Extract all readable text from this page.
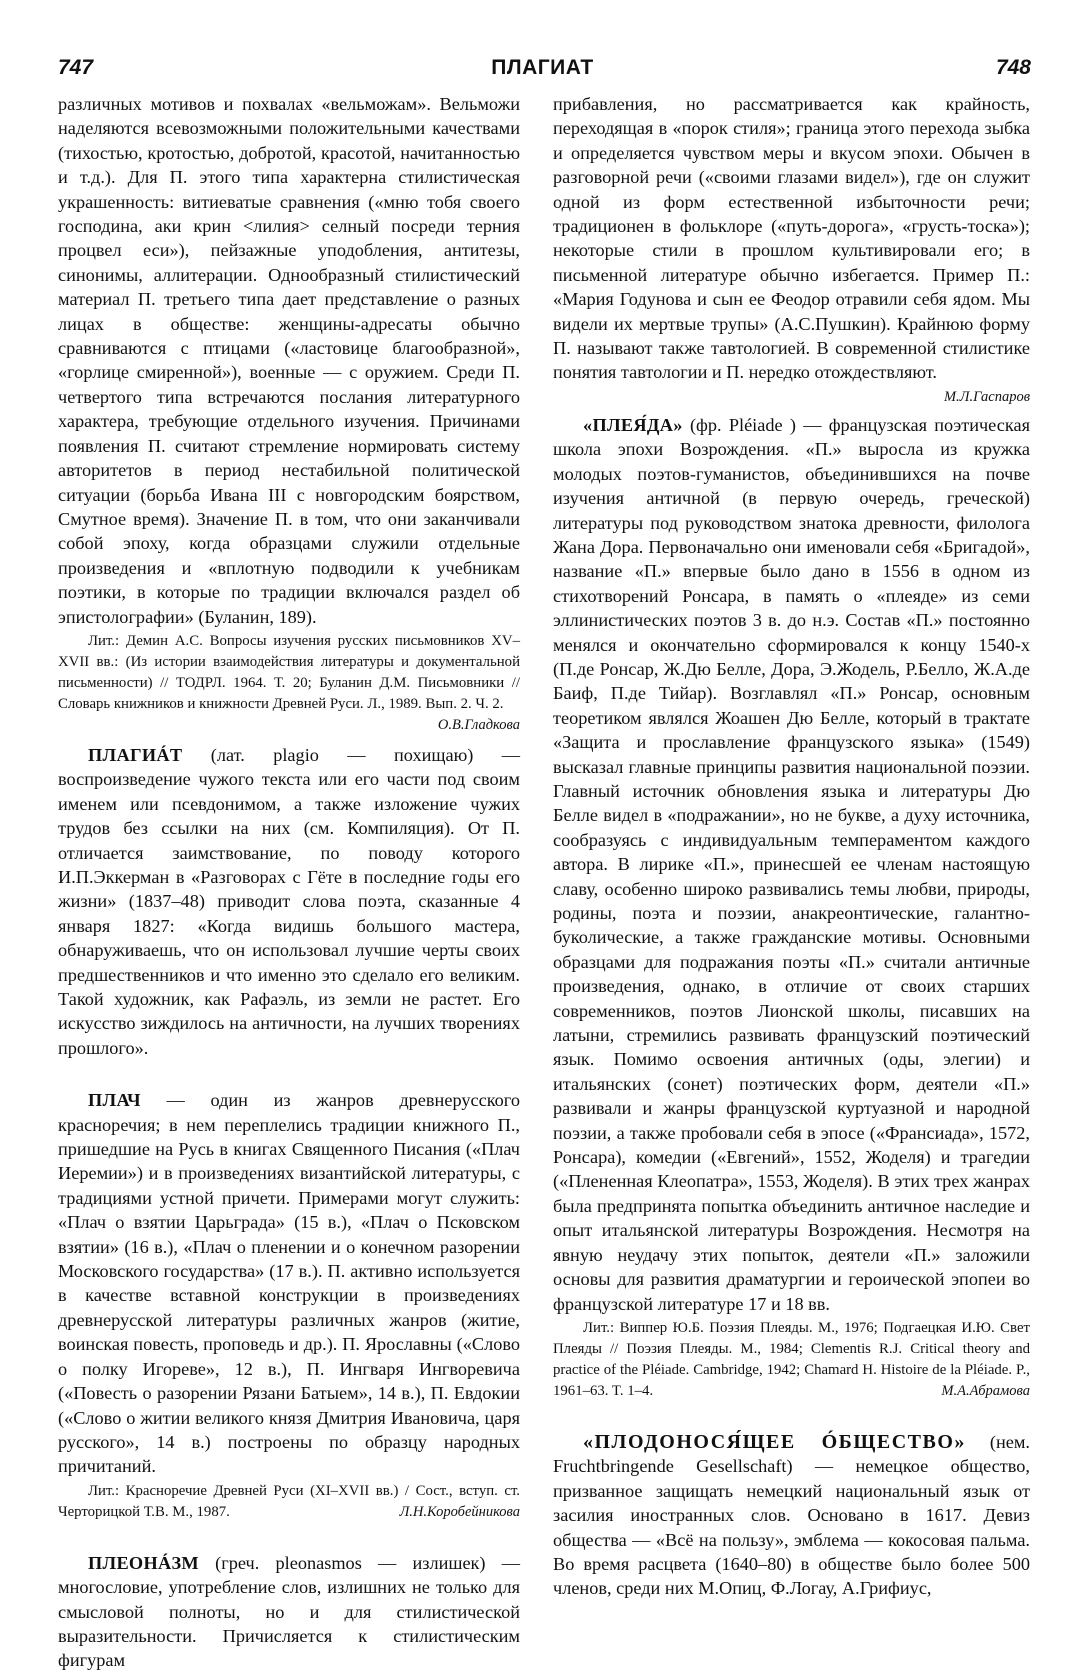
747	ПЛАГИАТ	748

различных мотивов и похвалах «вельможам». Вельможи наделяются всевозможными положительными качествами (тихостью, кротостью, добротой, красотой, начитанностью и т.д.). Для П. этого типа характерна стилистическая украшенность: витиеватые сравнения («мню тобя своего господина, аки крин <лилия> селный посреди терния процвел еси»), пейзажные уподобления, антитезы, синонимы, аллитерации. Однообразный стилистический материал П. третьего типа дает представление о разных лицах в обществе: женщины-адресаты обычно сравниваются с птицами («ластовице благообразной», «горлице смиренной»), военные — с оружием. Среди П. четвертого типа встречаются послания литературного характера, требующие отдельного изучения. Причинами появления П. считают стремление нормировать систему авторитетов в период нестабильной политической ситуации (борьба Ивана III с новгородским боярством, Смутное время). Значение П. в том, что они заканчивали собой эпоху, когда образцами служили отдельные произведения и «вплотную подводили к учебникам поэтики, в которые по традиции включался раздел об эпистолографии» (Буланин, 189).

Лит.: Демин А.С. Вопросы изучения русских письмовников XV–XVII вв.: (Из истории взаимодействия литературы и документальной письменности) // ТОДРЛ. 1964. Т. 20; Буланин Д.М. Письмовники // Словарь книжников и книжности Древней Руси. Л., 1989. Вып. 2. Ч. 2.
О.В.Гладкова

ПЛАГИÁТ (лат. plagio — похищаю) — воспроизведение чужого текста или его части под своим именем или псевдонимом, а также изложение чужих трудов без ссылки на них (см. Компиляция). От П. отличается заимствование, по поводу которого И.П.Эккерман в «Разговорах с Гёте в последние годы его жизни» (1837–48) приводит слова поэта, сказанные 4 января 1827: «Когда видишь большого мастера, обнаруживаешь, что он использовал лучшие черты своих предшественников и что именно это сделало его великим. Такой художник, как Рафаэль, из земли не растет. Его искусство зиждилось на античности, на лучших творениях прошлого».

ПЛАЧ — один из жанров древнерусского красноречия; в нем переплелись традиции книжного П., пришедшие на Русь в книгах Священного Писания («Плач Иеремии») и в произведениях византийской литературы, с традициями устной причети. Примерами могут служить: «Плач о взятии Царьграда» (15 в.), «Плач о Псковском взятии» (16 в.), «Плач о пленении и о конечном разорении Московского государства» (17 в.). П. активно используется в качестве вставной конструкции в произведениях древнерусской литературы различных жанров (житие, воинская повесть, проповедь и др.). П. Ярославны («Слово о полку Игореве», 12 в.), П. Ингваря Ингворевича («Повесть о разорении Рязани Батыем», 14 в.), П. Евдокии («Слово о житии великого князя Дмитрия Ивановича, царя русского», 14 в.) построены по образцу народных причитаний.

Лит.: Красноречие Древней Руси (XI–XVII вв.) / Сост., вступ. ст. Черторицкой Т.В. М., 1987.	Л.Н.Коробейникова

ПЛЕОНÁЗМ (греч. pleonasmos — излишек) — многословие, употребление слов, излишних не только для смысловой полноты, но и для стилистической выразительности. Причисляется к стилистическим фигурам

прибавления, но рассматривается как крайность, переходящая в «порок стиля»; граница этого перехода зыбка и определяется чувством меры и вкусом эпохи. Обычен в разговорной речи («своими глазами видел»), где он служит одной из форм естественной избыточности речи; традиционен в фольклоре («путь-дорога», «грусть-тоска»); некоторые стили в прошлом культивировали его; в письменной литературе обычно избегается. Пример П.: «Мария Годунова и сын ее Феодор отравили себя ядом. Мы видели их мертвые трупы» (А.С.Пушкин). Крайнюю форму П. называют также тавтологией. В современной стилистике понятия тавтологии и П. нередко отождествляют.
М.Л.Гаспаров

«ПЛЕЯ́ДА» (фр. Pléiade ) — французская поэтическая школа эпохи Возрождения. «П.» выросла из кружка молодых поэтов-гуманистов, объединившихся на почве изучения античной (в первую очередь, греческой) литературы под руководством знатока древности, филолога Жана Дора. Первоначально они именовали себя «Бригадой», название «П.» впервые было дано в 1556 в одном из стихотворений Ронсара, в память о «плеяде» из семи эллинистических поэтов 3 в. до н.э. Состав «П.» постоянно менялся и окончательно сформировался к концу 1540-х (П.де Ронсар, Ж.Дю Белле, Дора, Э.Жодель, Р.Белло, Ж.А.де Баиф, П.де Тийар). Возглавлял «П.» Ронсар, основным теоретиком являлся Жоашен Дю Белле, который в трактате «Защита и прославление французского языка» (1549) высказал главные принципы развития национальной поэзии. Главный источник обновления языка и литературы Дю Белле видел в «подражании», но не букве, а духу источника, сообразуясь с индивидуальным темпераментом каждого автора. В лирике «П.», принесшей ее членам настоящую славу, особенно широко развивались темы любви, природы, родины, поэта и поэзии, анакреонтические, галантно-буколические, а также гражданские мотивы. Основными образцами для подражания поэты «П.» считали античные произведения, однако, в отличие от своих старших современников, поэтов Лионской школы, писавших на латыни, стремились развивать французский поэтический язык. Помимо освоения античных (оды, элегии) и итальянских (сонет) поэтических форм, деятели «П.» развивали и жанры французской куртуазной и народной поэзии, а также пробовали себя в эпосе («Франсиада», 1572, Ронсара), комедии («Евгений», 1552, Жоделя) и трагедии («Плененная Клеопатра», 1553, Жоделя). В этих трех жанрах была предпринята попытка объединить античное наследие и опыт итальянской литературы Возрождения. Несмотря на явную неудачу этих попыток, деятели «П.» заложили основы для развития драматургии и героической эпопеи во французской литературе 17 и 18 вв.

Лит.: Виппер Ю.Б. Поэзия Плеяды. М., 1976; Подгаецкая И.Ю. Свет Плеяды // Поэзия Плеяды. М., 1984; Clementis R.J. Critical theory and practice of the Pléiade. Cambridge, 1942; Chamard H. Histoire de la Pléiade. P., 1961–63. T. 1–4.	М.А.Абрамова

«ПЛОДОНОСЯ́ЩЕЕ ÓБЩЕСТВО» (нем. Fruchtbringende Gesellschaft) — немецкое общество, призванное защищать немецкий национальный язык от засилия иностранных слов. Основано в 1617. Девиз общества — «Всё на пользу», эмблема — кокосовая пальма. Во время расцвета (1640–80) в обществе было более 500 членов, среди них М.Опиц, Ф.Логау, А.Грифиус,
